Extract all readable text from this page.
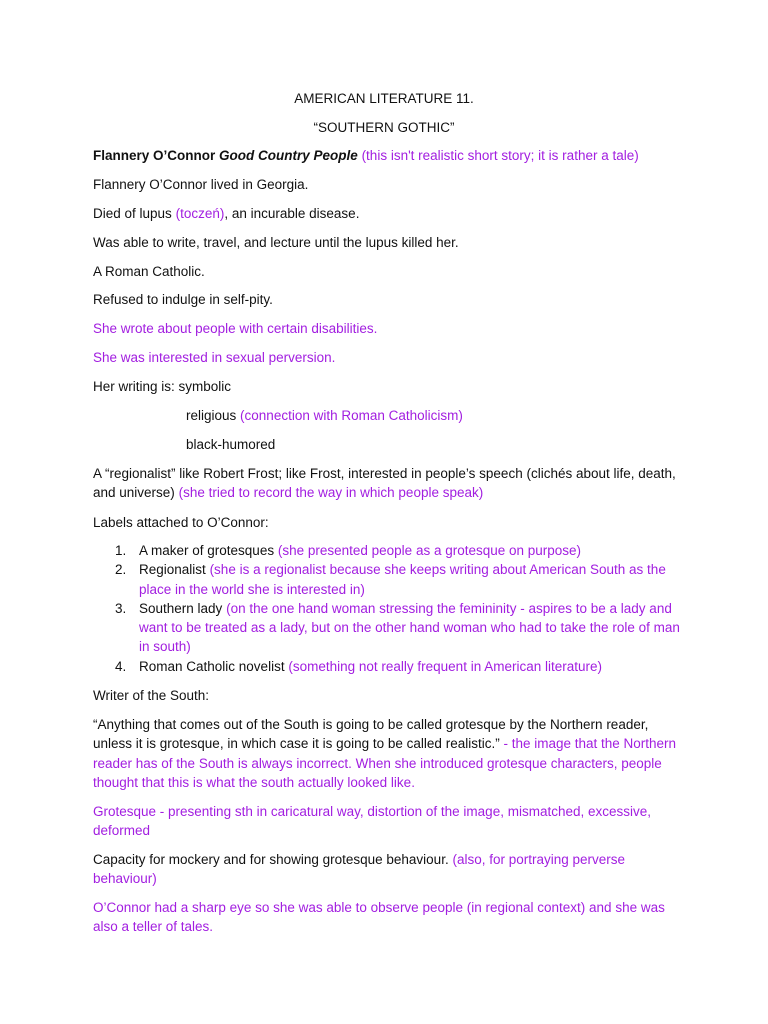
AMERICAN LITERATURE 11.
“SOUTHERN GOTHIC”
Flannery O’Connor Good Country People (this isn't realistic short story; it is rather a tale)
Flannery O’Connor lived in Georgia.
Died of lupus (toczeń), an incurable disease.
Was able to write, travel, and lecture until the lupus killed her.
A Roman Catholic.
Refused to indulge in self-pity.
She wrote about people with certain disabilities.
She was interested in sexual perversion.
Her writing is: symbolic
religious (connection with Roman Catholicism)
black-humored
A “regionalist” like Robert Frost; like Frost, interested in people’s speech (clichés about life, death, and universe) (she tried to record the way in which people speak)
Labels attached to O’Connor:
1. A maker of grotesques (she presented people as a grotesque on purpose)
2. Regionalist (she is a regionalist because she keeps writing about American South as the place in the world she is interested in)
3. Southern lady (on the one hand woman stressing the femininity - aspires to be a lady and want to be treated as a lady, but on the other hand woman who had to take the role of man in south)
4. Roman Catholic novelist (something not really frequent in American literature)
Writer of the South:
“Anything that comes out of the South is going to be called grotesque by the Northern reader, unless it is grotesque, in which case it is going to be called realistic.” - the image that the Northern reader has of the South is always incorrect. When she introduced grotesque characters, people thought that this is what the south actually looked like.
Grotesque - presenting sth in caricatural way, distortion of the image, mismatched, excessive, deformed
Capacity for mockery and for showing grotesque behaviour. (also, for portraying perverse behaviour)
O’Connor had a sharp eye so she was able to observe people (in regional context) and she was also a teller of tales.
